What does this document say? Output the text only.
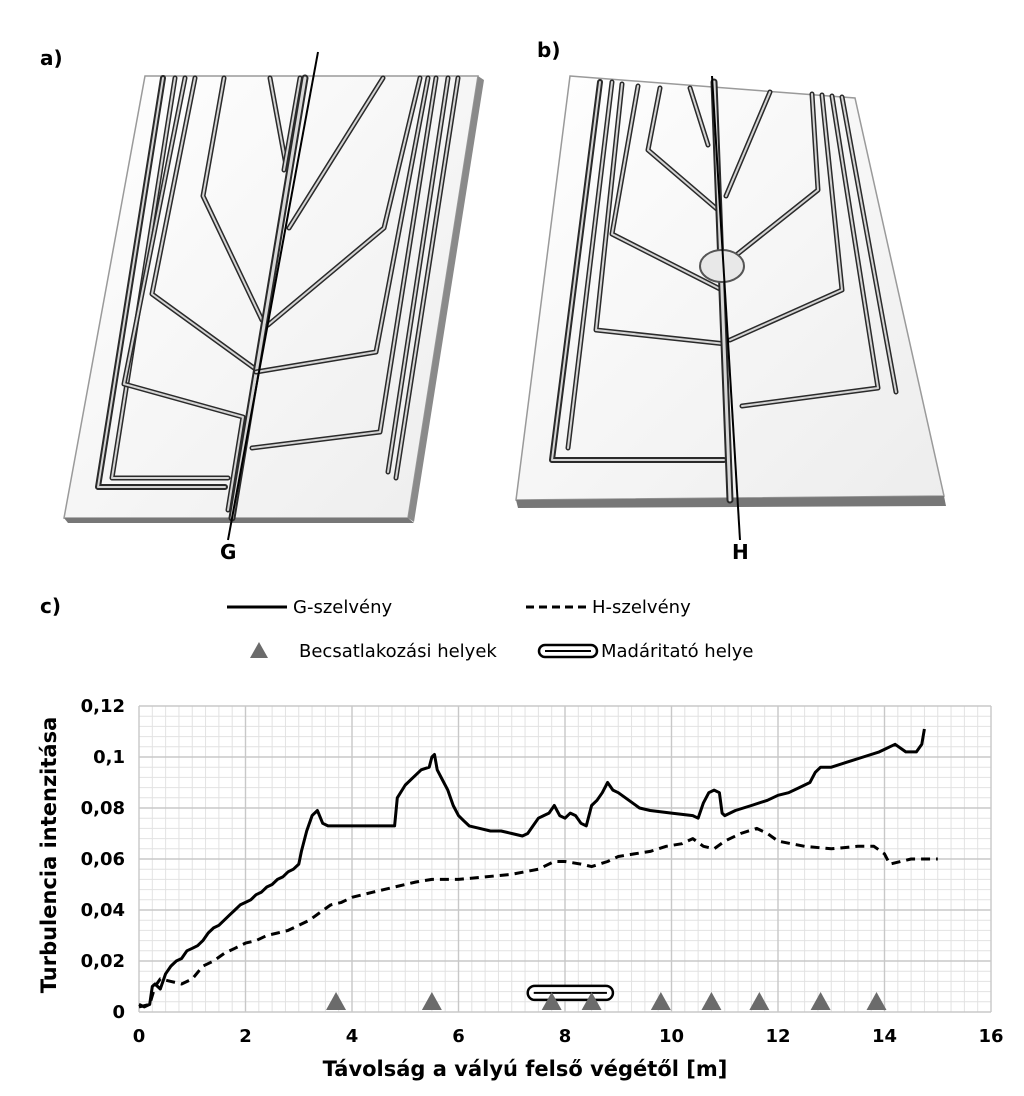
a)	b)
c)
G	H
G-szelvény	H-szelvény
Becsatlakozási helyek	Madáritató helye
0	2	4	6	8	10	12	14	16
0
0,02
0,04
0,06
0,08
0,1
0,12
Távolság a vályú felső végétől [m]
Turbulencia intenzitása
